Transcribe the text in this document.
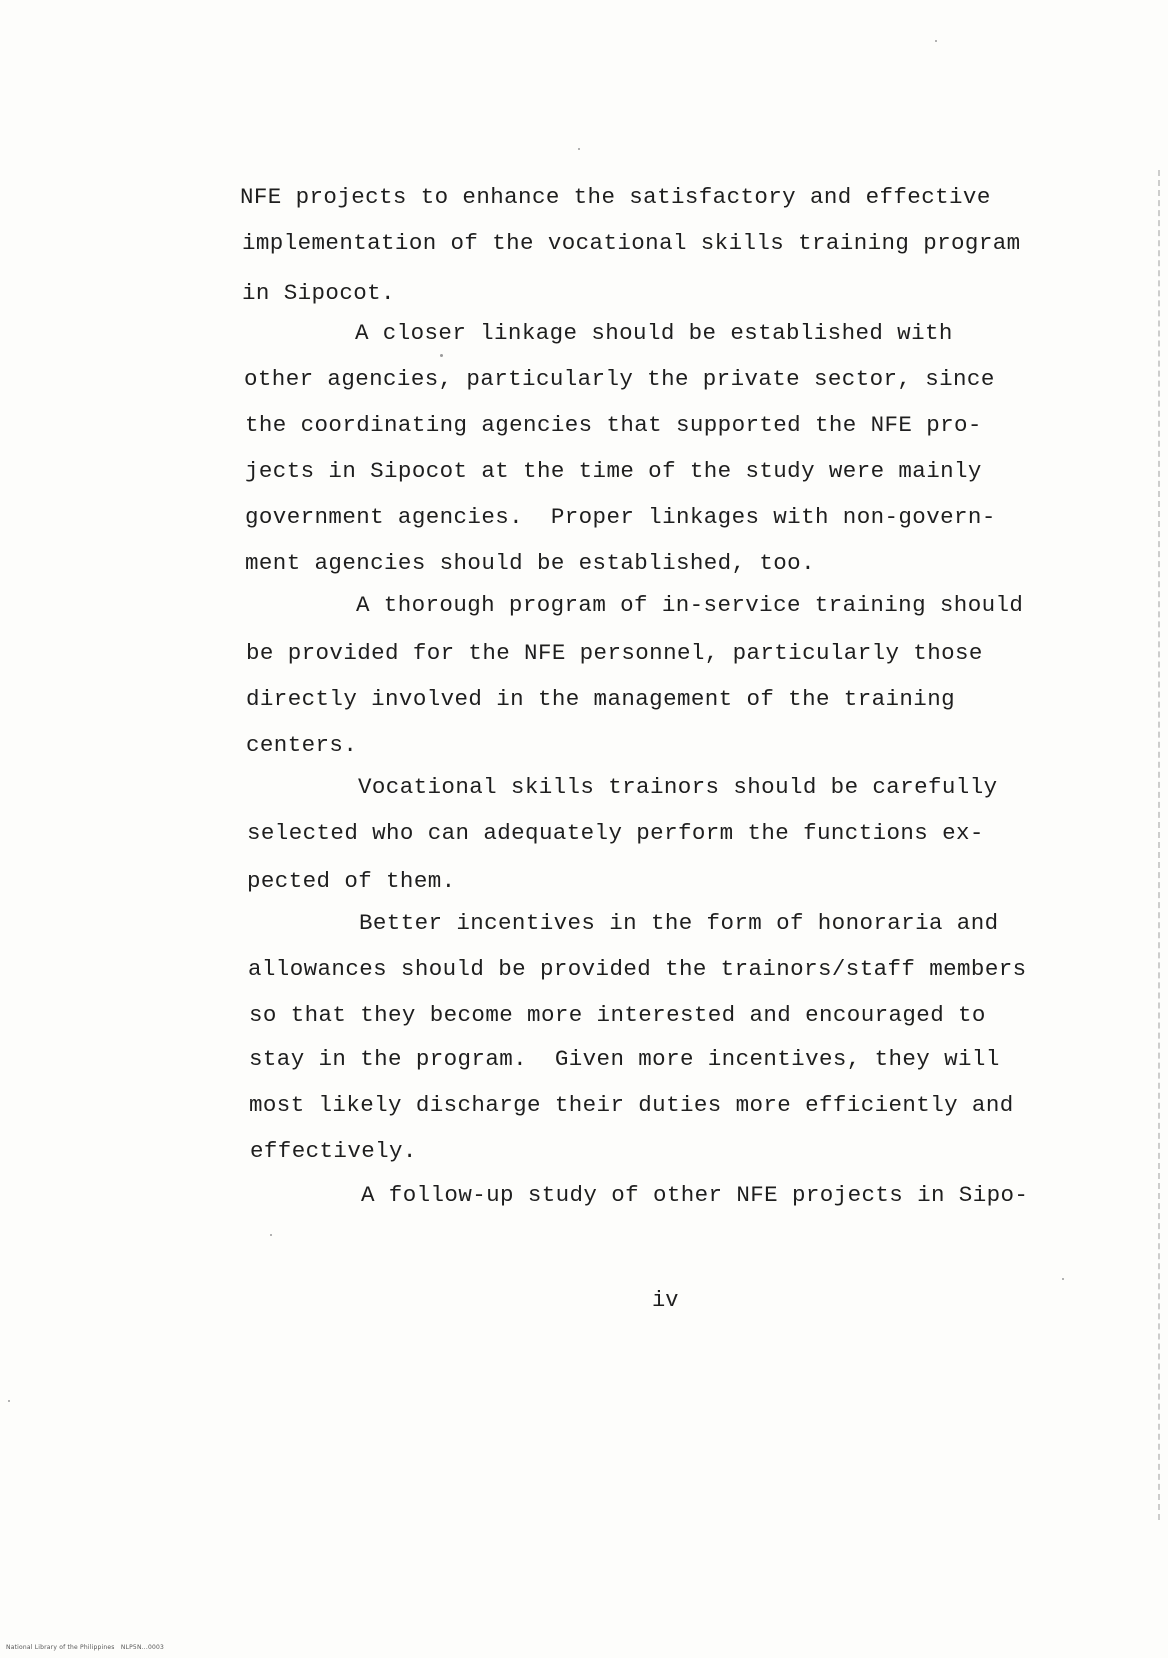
NFE projects to enhance the satisfactory and effective
implementation of the vocational skills training program
in Sipocot.
A closer linkage should be established with
other agencies, particularly the private sector, since
the coordinating agencies that supported the NFE pro-
jects in Sipocot at the time of the study were mainly
government agencies.  Proper linkages with non-govern-
ment agencies should be established, too.
A thorough program of in-service training should
be provided for the NFE personnel, particularly those
directly involved in the management of the training
centers.
Vocational skills trainors should be carefully
selected who can adequately perform the functions ex-
pected of them.
Better incentives in the form of honoraria and
allowances should be provided the trainors/staff members
so that they become more interested and encouraged to
stay in the program.  Given more incentives, they will
most likely discharge their duties more efficiently and
effectively.
A follow-up study of other NFE projects in Sipo-
iv
National Library of the Philippines   NLP5N...0003
